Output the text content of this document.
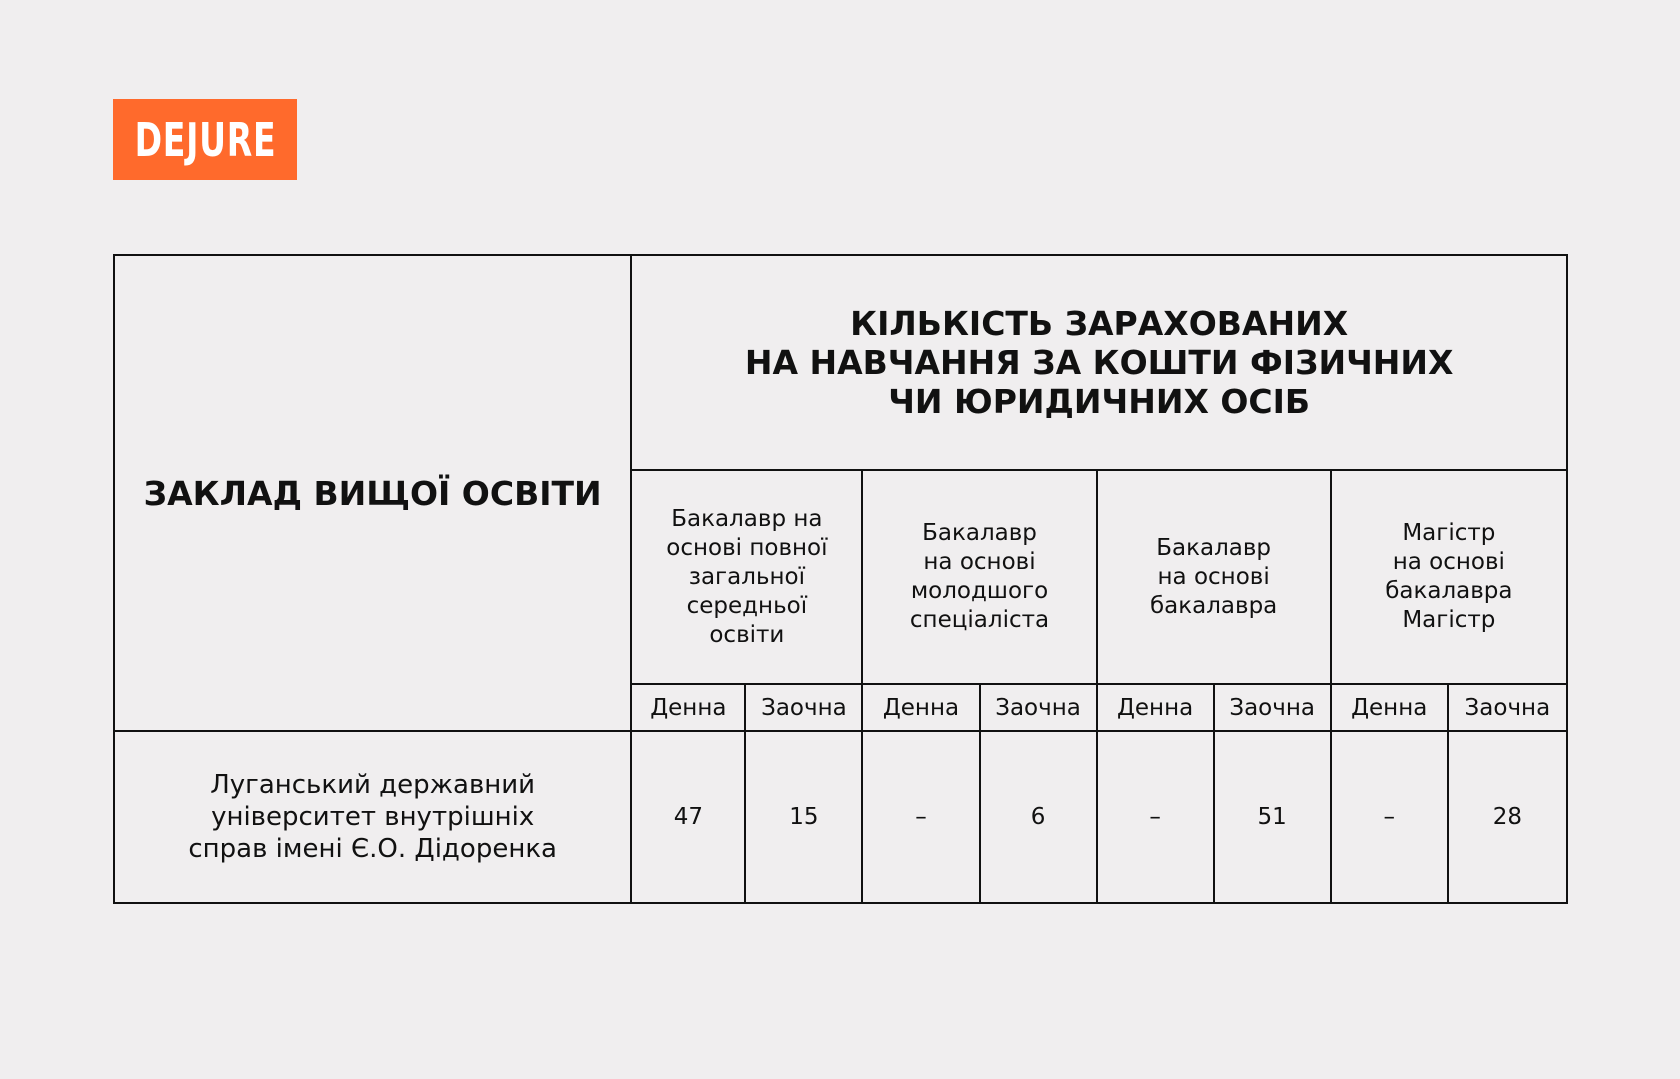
DEJURE
ЗАКЛАД ВИЩОЇ ОСВІТИ	КІЛЬКІСТЬ ЗАРАХОВАНИХ
НА НАВЧАННЯ ЗА КОШТИ ФІЗИЧНИХ
ЧИ ЮРИДИЧНИХ ОСІБ							
	Бакалавр на
основі повної
загальної
середньої
освіти		Бакалавр
на основі
молодшого
спеціаліста		Бакалавр
на основі
бакалавра		Магістр
на основі
бакалавра
Магістр	
	Денна	Заочна	Денна	Заочна	Денна	Заочна	Денна	Заочна
Луганський державний
університет внутрішніх
справ імені Є.О. Дідоренка	47	15	–	6	–	51	–	28
